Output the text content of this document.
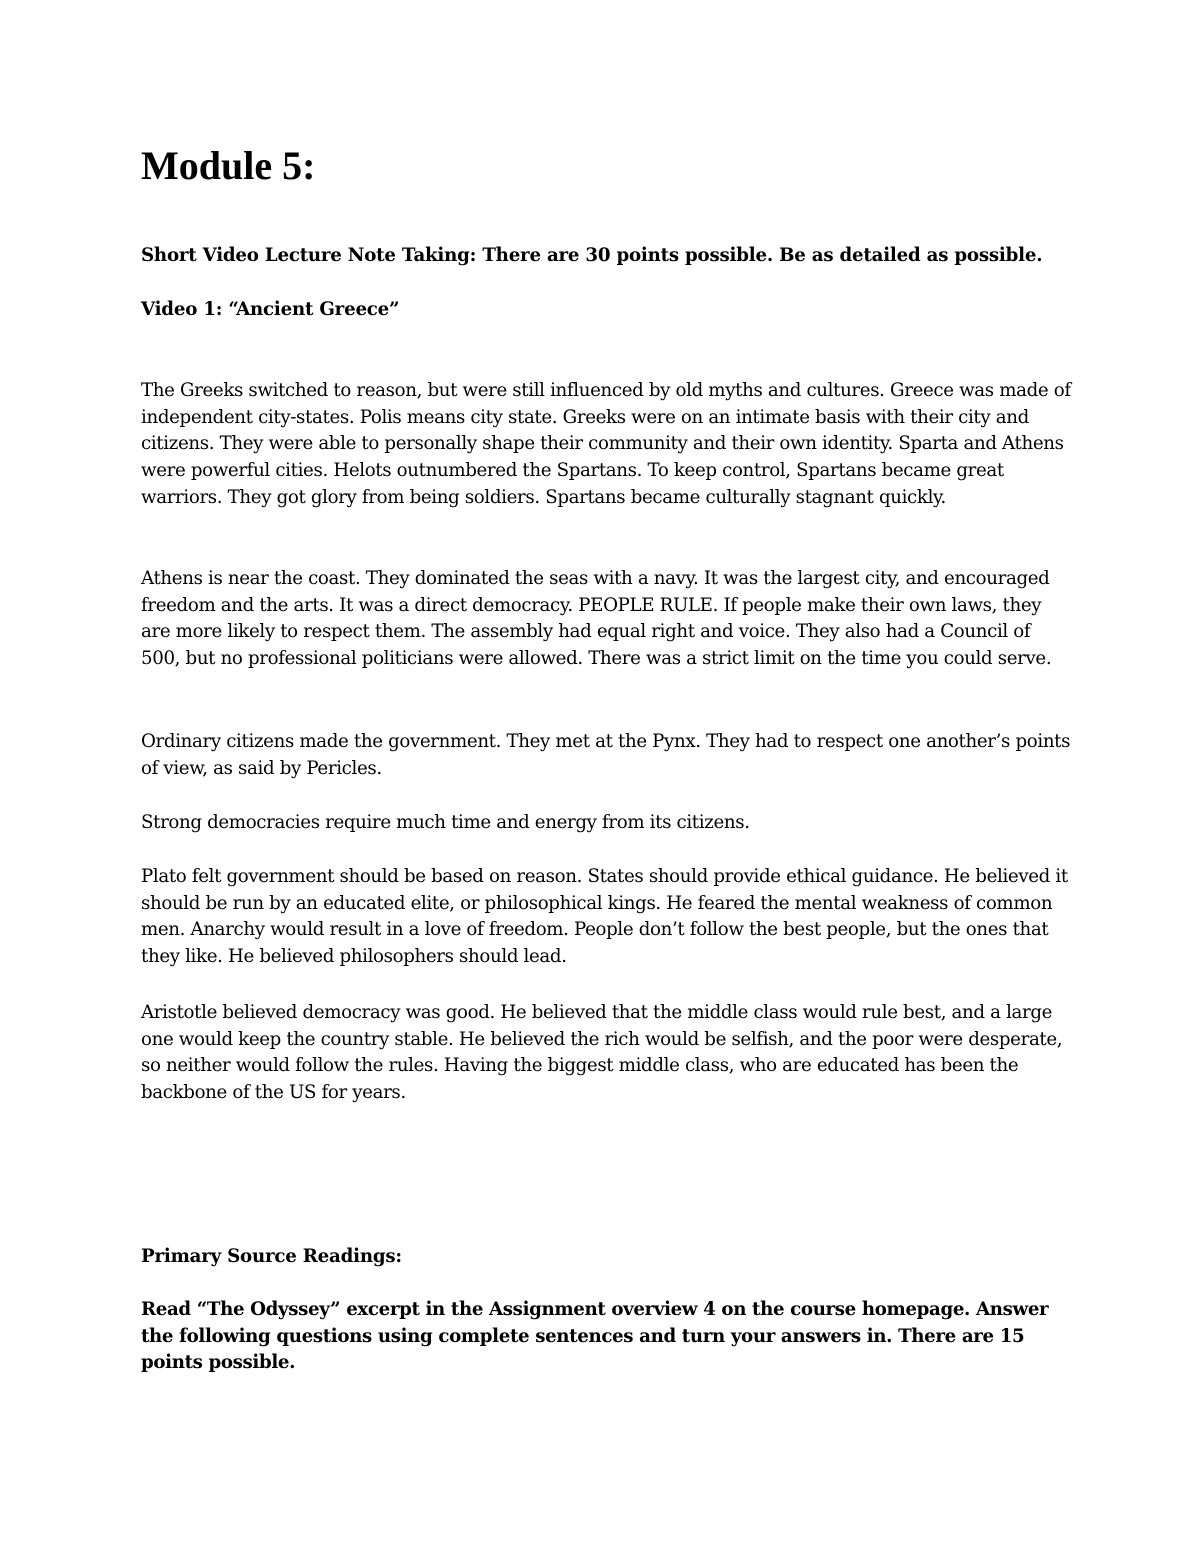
Module 5:

Short Video Lecture Note Taking: There are 30 points possible. Be as detailed as possible.

Video 1: “Ancient Greece”

The Greeks switched to reason, but were still influenced by old myths and cultures. Greece was made of independent city-states. Polis means city state. Greeks were on an intimate basis with their city and citizens. They were able to personally shape their community and their own identity. Sparta and Athens were powerful cities. Helots outnumbered the Spartans. To keep control, Spartans became great warriors. They got glory from being soldiers. Spartans became culturally stagnant quickly.

Athens is near the coast. They dominated the seas with a navy. It was the largest city, and encouraged freedom and the arts. It was a direct democracy. PEOPLE RULE. If people make their own laws, they are more likely to respect them. The assembly had equal right and voice. They also had a Council of 500, but no professional politicians were allowed. There was a strict limit on the time you could serve.

Ordinary citizens made the government. They met at the Pynx. They had to respect one another’s points of view, as said by Pericles.

Strong democracies require much time and energy from its citizens.

Plato felt government should be based on reason. States should provide ethical guidance. He believed it should be run by an educated elite, or philosophical kings. He feared the mental weakness of common men. Anarchy would result in a love of freedom. People don’t follow the best people, but the ones that they like. He believed philosophers should lead.

Aristotle believed democracy was good. He believed that the middle class would rule best, and a large one would keep the country stable. He believed the rich would be selfish, and the poor were desperate, so neither would follow the rules. Having the biggest middle class, who are educated has been the backbone of the US for years.

Primary Source Readings:

Read “The Odyssey” excerpt in the Assignment overview 4 on the course homepage. Answer the following questions using complete sentences and turn your answers in. There are 15 points possible.
